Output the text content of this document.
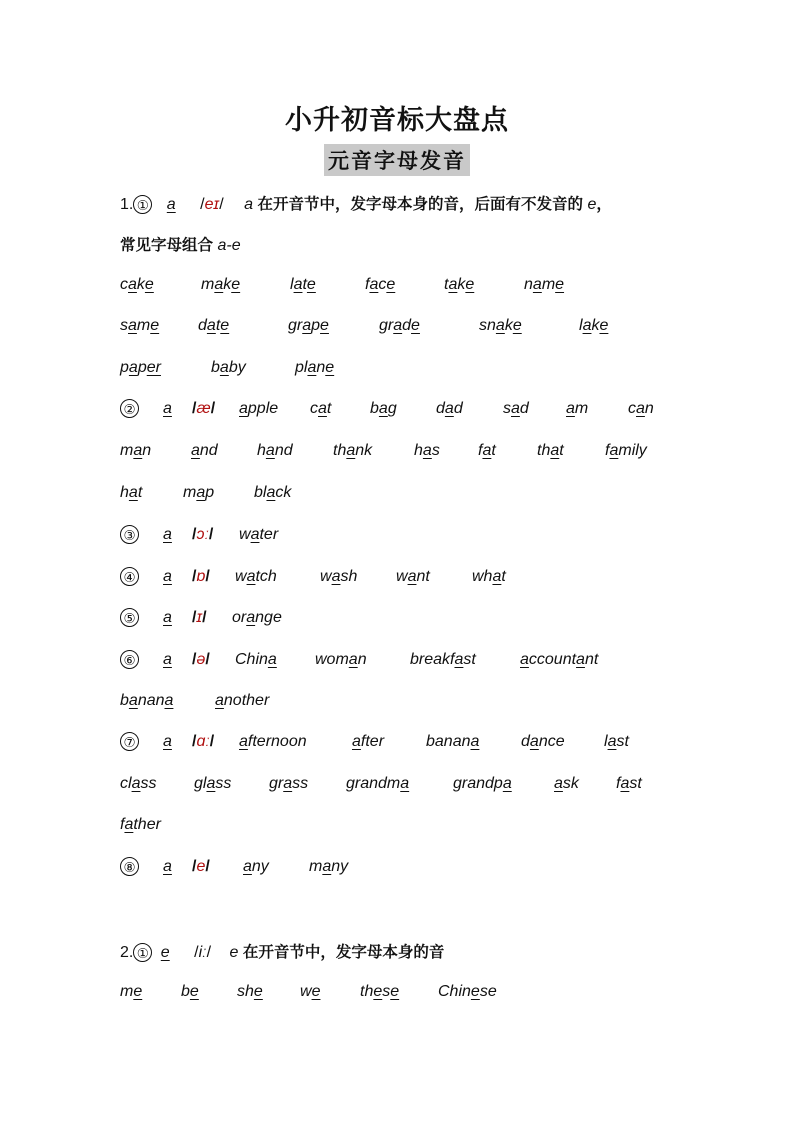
小升初音标大盘点
元音字母发音
1. ① a /eɪ/ a 在开音节中，发字母本身的音，后面有不发音的 e，
常见字母组合 a-e
cake	make	late	face	take	name
same date	grape	grade	snake	lake
paper	baby	plane
② a /æ/ apple cat bag dad	sad am can
man and hand	thank	has fat	that	family
hat	map black
③ a /ɔː/ water
④ a /ɒ/ watch	wash want	what
⑤ a /ɪ/ orange
⑥ a /ə/ China woman	breakfast	accountant
banana	another
⑦ a /ɑː/ afternoon	after	banana	dance last
class glass grass grandma	grandpa	ask fast
father
⑧ a /e/ any	many
2. ① e /iː/ e 在开音节中，发字母本身的音
me be she we these Chinese
